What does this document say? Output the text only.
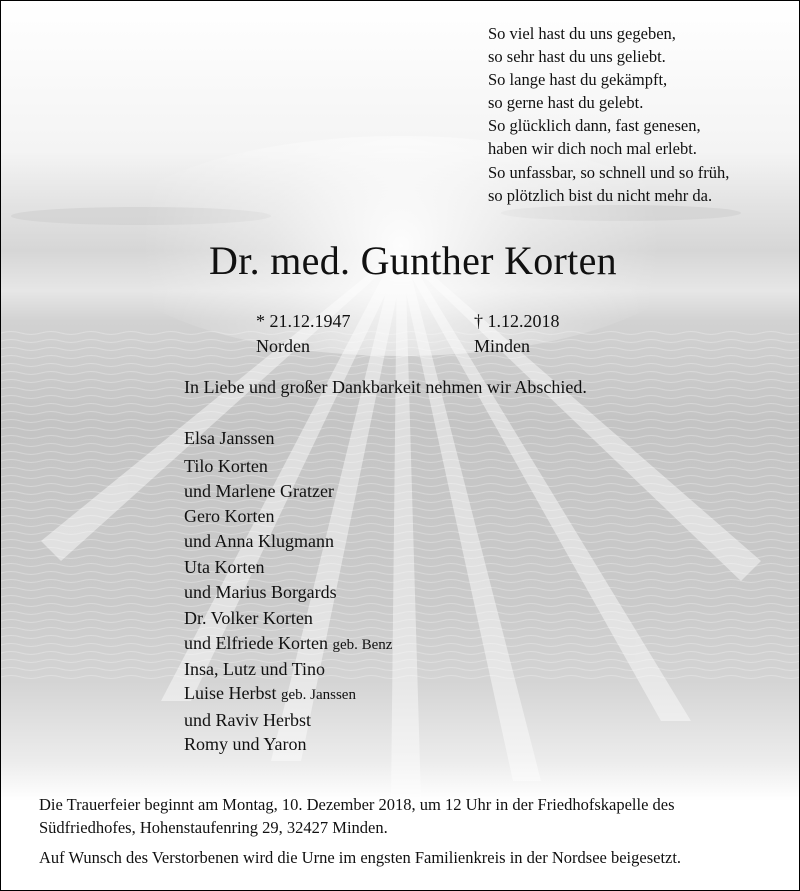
So viel hast du uns gegeben,
so sehr hast du uns geliebt.
So lange hast du gekämpft,
so gerne hast du gelebt.
So glücklich dann, fast genesen,
haben wir dich noch mal erlebt.
So unfassbar, so schnell und so früh,
so plötzlich bist du nicht mehr da.
Dr. med. Gunther Korten
* 21.12.1947
Norden
† 1.12.2018
Minden
In Liebe und großer Dankbarkeit nehmen wir Abschied.
Elsa Janssen
Tilo Korten
und Marlene Gratzer
Gero Korten
und Anna Klugmann
Uta Korten
und Marius Borgards
Dr. Volker Korten
und Elfriede Korten geb. Benz
Insa, Lutz und Tino
Luise Herbst geb. Janssen
und Raviv Herbst
Romy und Yaron
Die Trauerfeier beginnt am Montag, 10. Dezember 2018, um 12 Uhr in der Friedhofskapelle des
Südfriedhofes, Hohenstaufenring 29, 32427 Minden.
Auf Wunsch des Verstorbenen wird die Urne im engsten Familienkreis in der Nordsee beigesetzt.
